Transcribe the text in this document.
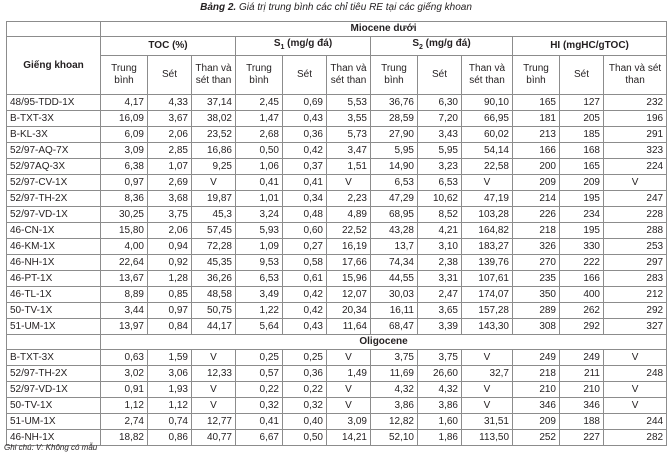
Bảng 2. Giá trị trung bình các chỉ tiêu RE tại các giếng khoan
	Miocene dưới											
Giếng khoan	TOC (%)			$S_1$ (mg/g đá)			$S_2$ (mg/g đá)			HI (mgHC/gTOC)		
	Trung bình	Sét	Than và sét than	Trung bình	Sét	Than và sét than	Trung bình	Sét	Than và sét than	Trung bình	Sét	Than và sét than
48/95-TDD-1X	4,17	4,33	37,14	2,45	0,69	5,53	36,76	6,30	90,10	165	127	232
B-TXT-3X	16,09	3,67	38,02	1,47	0,43	3,55	28,59	7,20	66,95	181	205	196
B-KL-3X	6,09	2,06	23,52	2,68	0,36	5,73	27,90	3,43	60,02	213	185	291
52/97-AQ-7X	3,09	2,85	16,86	0,50	0,42	3,47	5,95	5,95	54,14	166	168	323
52/97AQ-3X	6,38	1,07	9,25	1,06	0,37	1,51	14,90	3,23	22,58	200	165	224
52/97-CV-1X	0,97	2,69	V	0,41	0,41	V	6,53	6,53	V	209	209	V
52/97-TH-2X	8,36	3,68	19,87	1,01	0,34	2,23	47,29	10,62	47,19	214	195	247
52/97-VD-1X	30,25	3,75	45,3	3,24	0,48	4,89	68,95	8,52	103,28	226	234	228
46-CN-1X	15,80	2,06	57,45	5,93	0,60	22,52	43,28	4,21	164,82	218	195	288
46-KM-1X	4,00	0,94	72,28	1,09	0,27	16,19	13,7	3,10	183,27	326	330	253
46-NH-1X	22,64	0,92	45,35	9,53	0,58	17,66	74,34	2,38	139,76	270	222	297
46-PT-1X	13,67	1,28	36,26	6,53	0,61	15,96	44,55	3,31	107,61	235	166	283
46-TL-1X	8,89	0,85	48,58	3,49	0,42	12,07	30,03	2,47	174,07	350	400	212
50-TV-1X	3,44	0,97	50,75	1,22	0,42	20,34	16,11	3,65	157,28	289	262	292
51-UM-1X	13,97	0,84	44,17	5,64	0,43	11,64	68,47	3,39	143,30	308	292	327
	Oligocene											
B-TXT-3X	0,63	1,59	V	0,25	0,25	V	3,75	3,75	V	249	249	V
52/97-TH-2X	3,02	3,06	12,33	0,57	0,36	1,49	11,69	26,60	32,7	218	211	248
52/97-VD-1X	0,91	1,93	V	0,22	0,22	V	4,32	4,32	V	210	210	V
50-TV-1X	1,12	1,12	V	0,32	0,32	V	3,86	3,86	V	346	346	V
51-UM-1X	2,74	0,74	12,77	0,41	0,40	3,09	12,82	1,60	31,51	209	188	244
46-NH-1X	18,82	0,86	40,77	6,67	0,50	14,21	52,10	1,86	113,50	252	227	282
Ghi chú: V: Không có mẫu
